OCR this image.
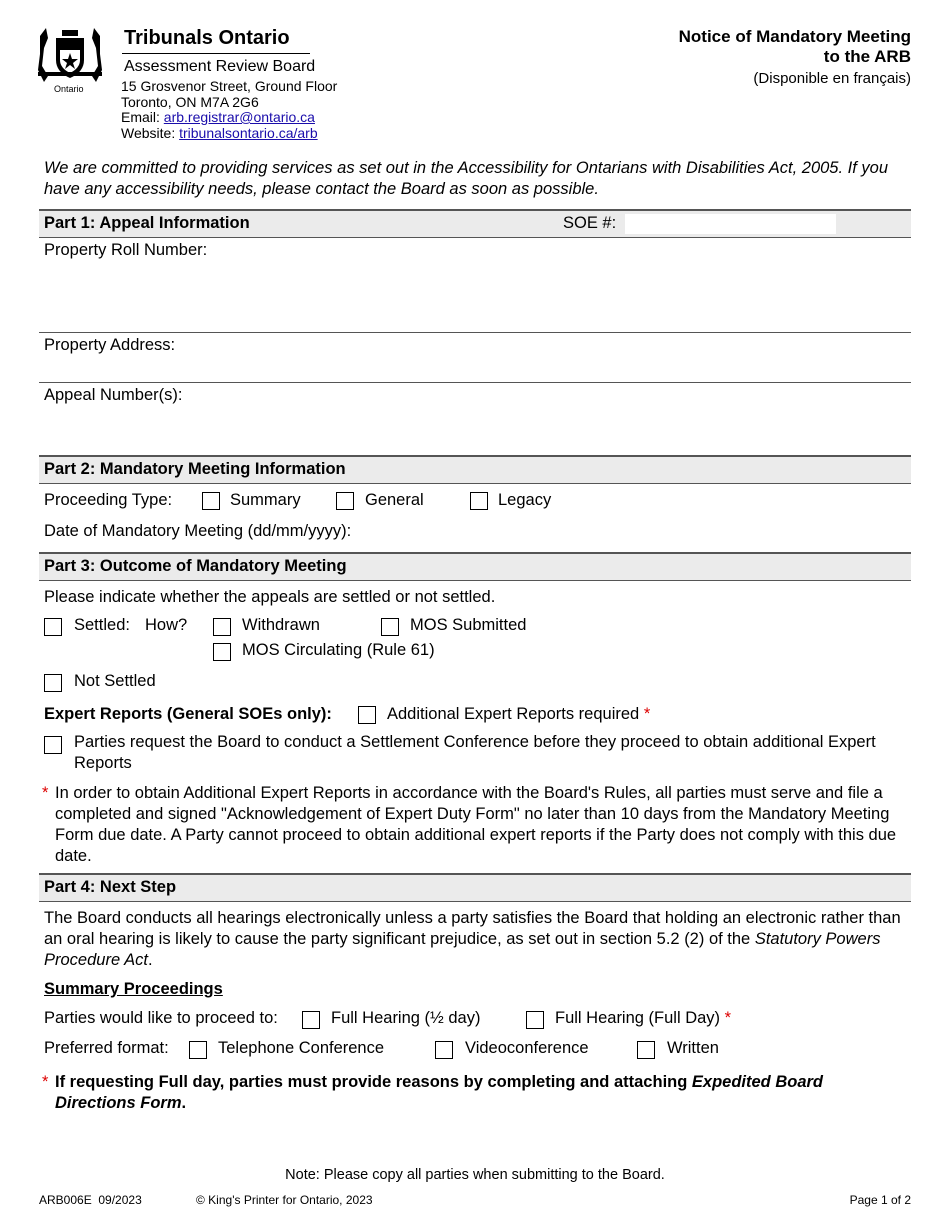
Ontario
Tribunals Ontario
Assessment Review Board
15 Grosvenor Street, Ground Floor
Toronto, ON M7A 2G6
Email: arb.registrar@ontario.ca
Website: tribunalsontario.ca/arb
Notice of Mandatory Meeting
to the ARB
(Disponible en français)
We are committed to providing services as set out in the Accessibility for Ontarians with Disabilities Act, 2005. If you have any accessibility needs, please contact the Board as soon as possible.
Part 1: Appeal Information	SOE #:
Property Roll Number:
Property Address:
Appeal Number(s):
Part 2: Mandatory Meeting Information
Proceeding Type:	Summary	General	Legacy
Date of Mandatory Meeting (dd/mm/yyyy):
Part 3: Outcome of Mandatory Meeting
Please indicate whether the appeals are settled or not settled.
Settled: How?	Withdrawn	MOS Submitted
MOS Circulating (Rule 61)
Not Settled
Expert Reports (General SOEs only):	Additional Expert Reports required *
Parties request the Board to conduct a Settlement Conference before they proceed to obtain additional Expert Reports
* In order to obtain Additional Expert Reports in accordance with the Board's Rules, all parties must serve and file a completed and signed "Acknowledgement of Expert Duty Form" no later than 10 days from the Mandatory Meeting Form due date. A Party cannot proceed to obtain additional expert reports if the Party does not comply with this due date.
Part 4: Next Step
The Board conducts all hearings electronically unless a party satisfies the Board that holding an electronic rather than an oral hearing is likely to cause the party significant prejudice, as set out in section 5.2 (2) of the Statutory Powers Procedure Act.
Summary Proceedings
Parties would like to proceed to:	Full Hearing (½ day)	Full Hearing (Full Day) *
Preferred format:	Telephone Conference	Videoconference	Written
* If requesting Full day, parties must provide reasons by completing and attaching Expedited Board Directions Form.
Note: Please copy all parties when submitting to the Board.
ARB006E  09/2023	© King's Printer for Ontario, 2023	Page 1 of 2
